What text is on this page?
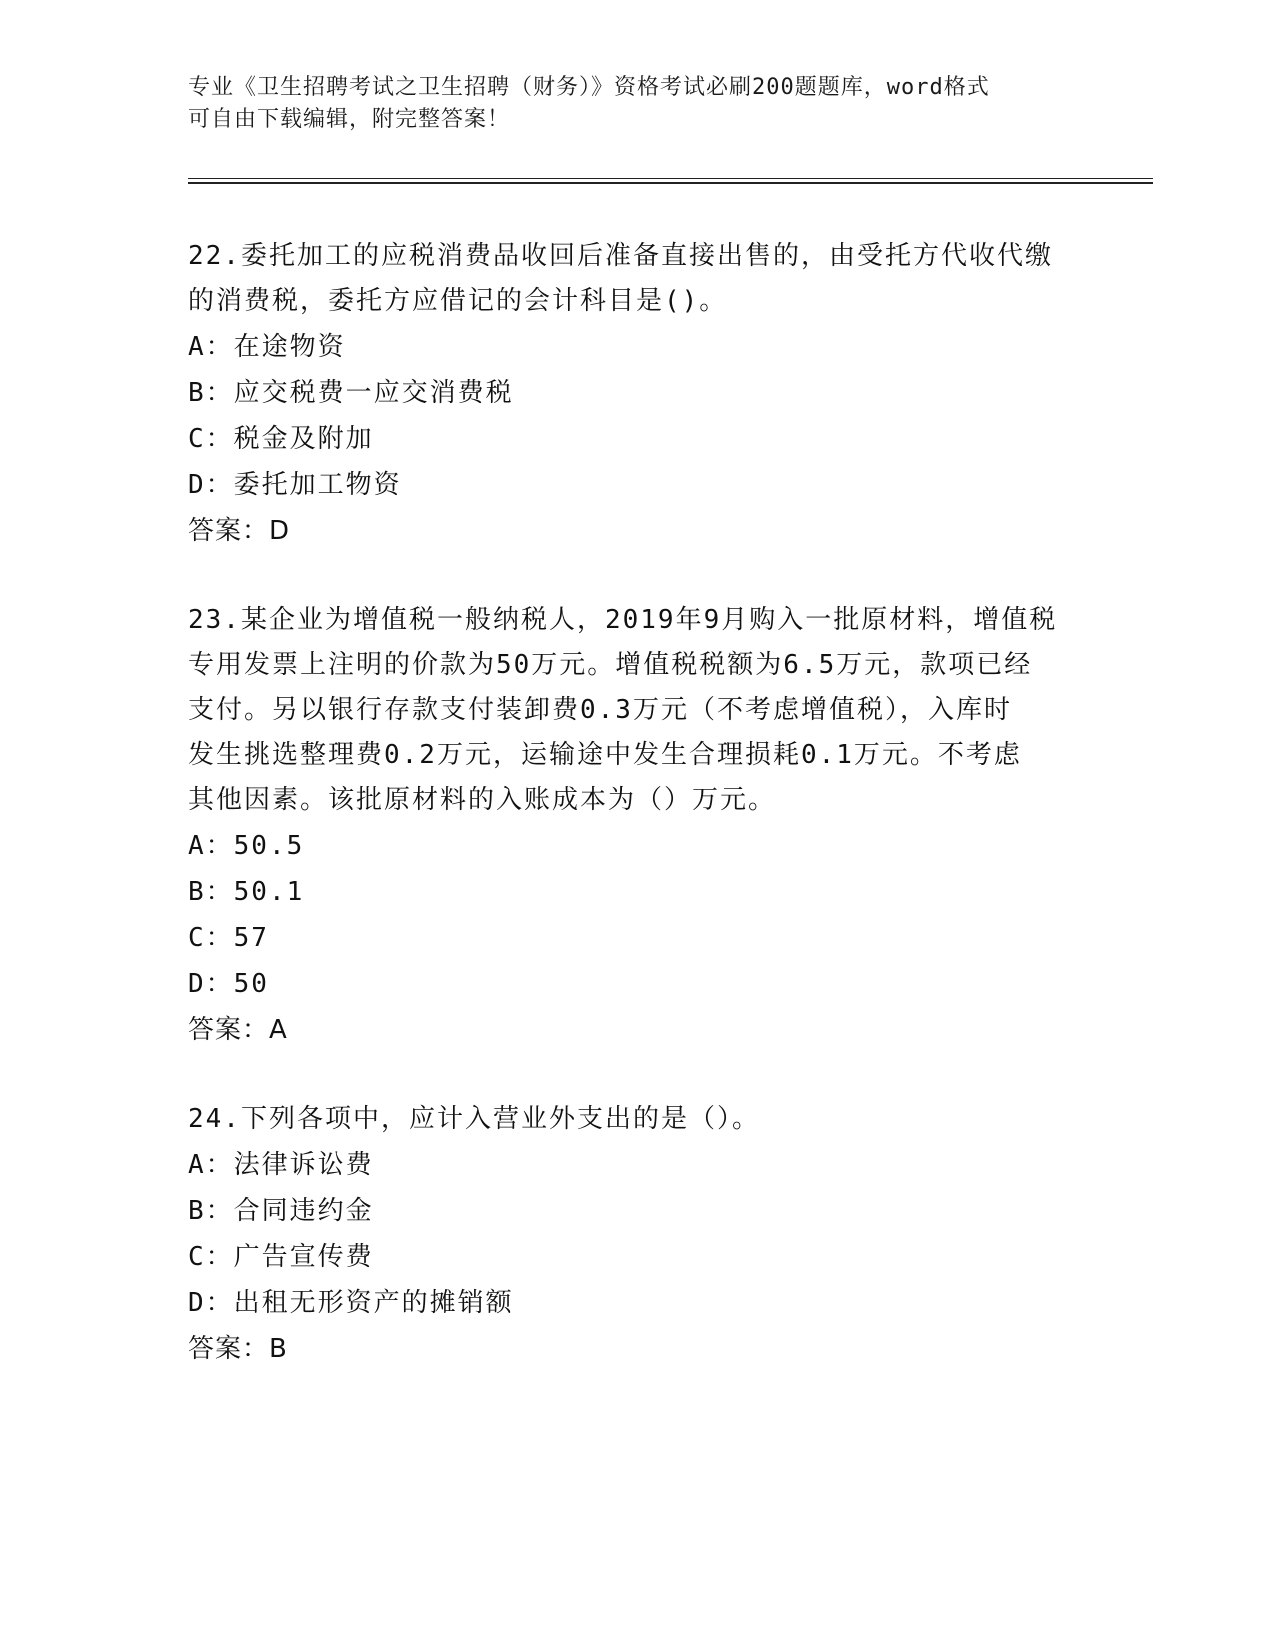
专业《卫生招聘考试之卫生招聘（财务）》资格考试必刷200题题库，word格式
可自由下载编辑，附完整答案！

22.委托加工的应税消费品收回后准备直接出售的，由受托方代收代缴

的消费税，委托方应借记的会计科目是()。

A：在途物资

B：应交税费一应交消费税

C：税金及附加

D：委托加工物资

答案：D

23.某企业为增值税一般纳税人，2019年9月购入一批原材料，增值税

专用发票上注明的价款为50万元。增值税税额为6.5万元，款项已经

支付。另以银行存款支付装卸费0.3万元（不考虑增值税），入库时

发生挑选整理费0.2万元，运输途中发生合理损耗0.1万元。不考虑

其他因素。该批原材料的入账成本为（）万元。

A：50.5

B：50.1

C：57

D：50

答案：A

24.下列各项中，应计入营业外支出的是（）。

A：法律诉讼费

B：合同违约金

C：广告宣传费

D：出租无形资产的摊销额

答案：B
